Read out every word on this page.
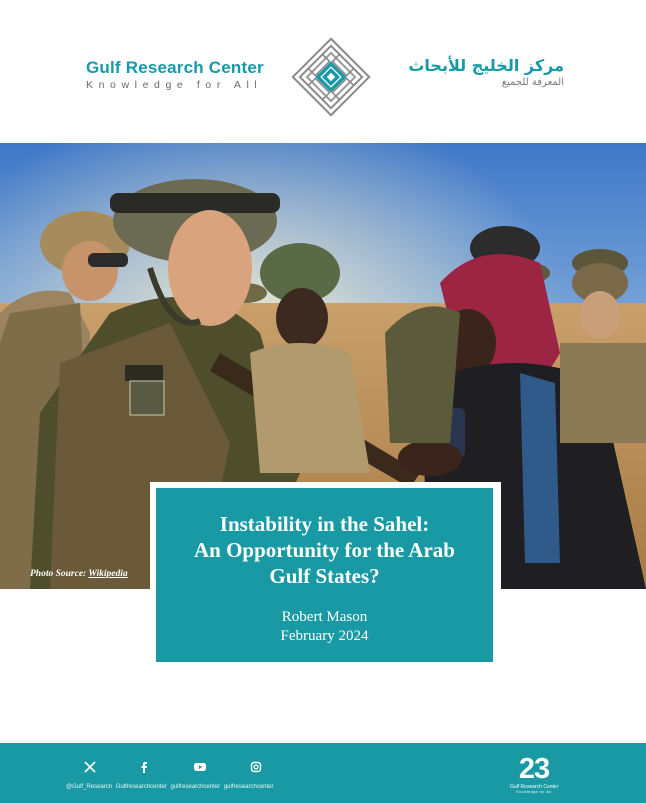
Gulf Research Center
Knowledge for All
مركز الخليج للأبحاث
المعرفة للجميع
Photo Source: Wikipedia
Instability in the Sahel:
An Opportunity for the Arab
Gulf States?
Robert Mason
February 2024
@Gulf_Research Gulfresearchcenter gulfresearchcenter gulfresearchcenter
23
Gulf Research Center
Knowledge for All
